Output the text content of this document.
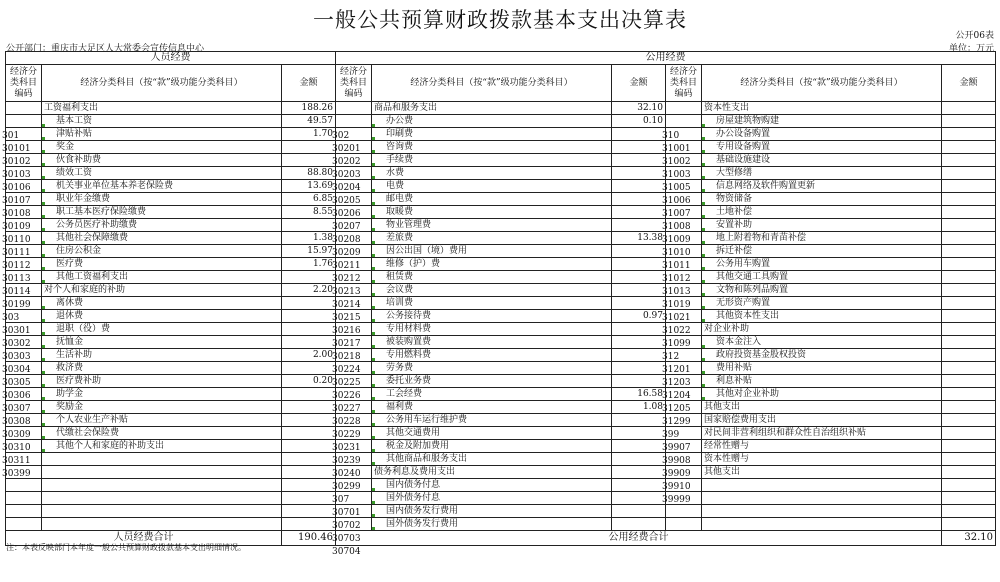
一般公共预算财政拨款基本支出决算表
公开06表
公开部门：重庆市大足区人大常委会宣传信息中心	单位：万元
人员经费	公用经费
经济分类科目编码	经济分类科目（按“款”级功能分类科目）	金额	经济分类科目编码	经济分类科目（按“款”级功能分类科目）	金额	经济分类科目编码	经济分类科目（按“款”级功能分类科目）	金额
301	工资福利支出	188.26	302	商品和服务支出	32.10	310	资本性支出	
30101	基本工资	49.57	30201	办公费	0.10	31001	房屋建筑物购建

30102	津贴补贴	1.70	30202	印刷费		31002	办公设备购置

30103	奖金		30203	咨询费		31003	专用设备购置

30106	伙食补助费		30204	手续费		31005	基础设施建设

30107	绩效工资	88.80	30205	水费		31006	大型修缮

30108	机关事业单位基本养老保险费	13.69	30206	电费		31007	信息网络及软件购置更新

30109	职业年金缴费	6.85	30207	邮电费		31008	物资储备

30110	职工基本医疗保险缴费	8.55	30208	取暖费		31009	土地补偿

30111	公务员医疗补助缴费		30209	物业管理费		31010	安置补助

30112	其他社会保障缴费	1.38	30211	差旅费	13.38	31011	地上附着物和青苗补偿

30113	住房公积金	15.97	30212	因公出国（境）费用		31012	拆迁补偿

30114	医疗费	1.76	30213	维修（护）费		31013	公务用车购置

30199	其他工资福利支出		30214	租赁费		31019	其他交通工具购置

303	对个人和家庭的补助	2.20	30215	会议费		31021	文物和陈列品购置

30301	离休费		30216	培训费		31022	无形资产购置

30302	退休费		30217	公务接待费	0.97	31099	其他资本性支出

30303	退职（役）费		30218	专用材料费		312	对企业补助	
30304	抚恤金		30224	被装购置费		31201	资本金注入

30305	生活补助	2.00	30225	专用燃料费		31203	政府投资基金股权投资

30306	救济费		30226	劳务费		31204	费用补贴

30307	医疗费补助	0.20	30227	委托业务费		31205	利息补贴

30308	助学金		30228	工会经费	16.58	31299	其他对企业补助

30309	奖励金		30229	福利费	1.08	399	其他支出	
30310	个人农业生产补贴		30231	公务用车运行维护费		39907	国家赔偿费用支出	
30311	代缴社会保险费		30239	其他交通费用		39908	对民间非营利组织和群众性自治组织补贴	
30399	其他个人和家庭的补助支出		30240	税金及附加费用		39909	经常性赠与	
			30299	其他商品和服务支出		39910	资本性赠与	
			307	债务利息及费用支出		39999	其他支出	
			30701	国内债务付息

			30702	国外债务付息

			30703	国内债务发行费用

			30704	国外债务发行费用

人员经费合计	190.46	公用经费合计	32.10
注：本表反映部门本年度一般公共预算财政拨款基本支出明细情况。
